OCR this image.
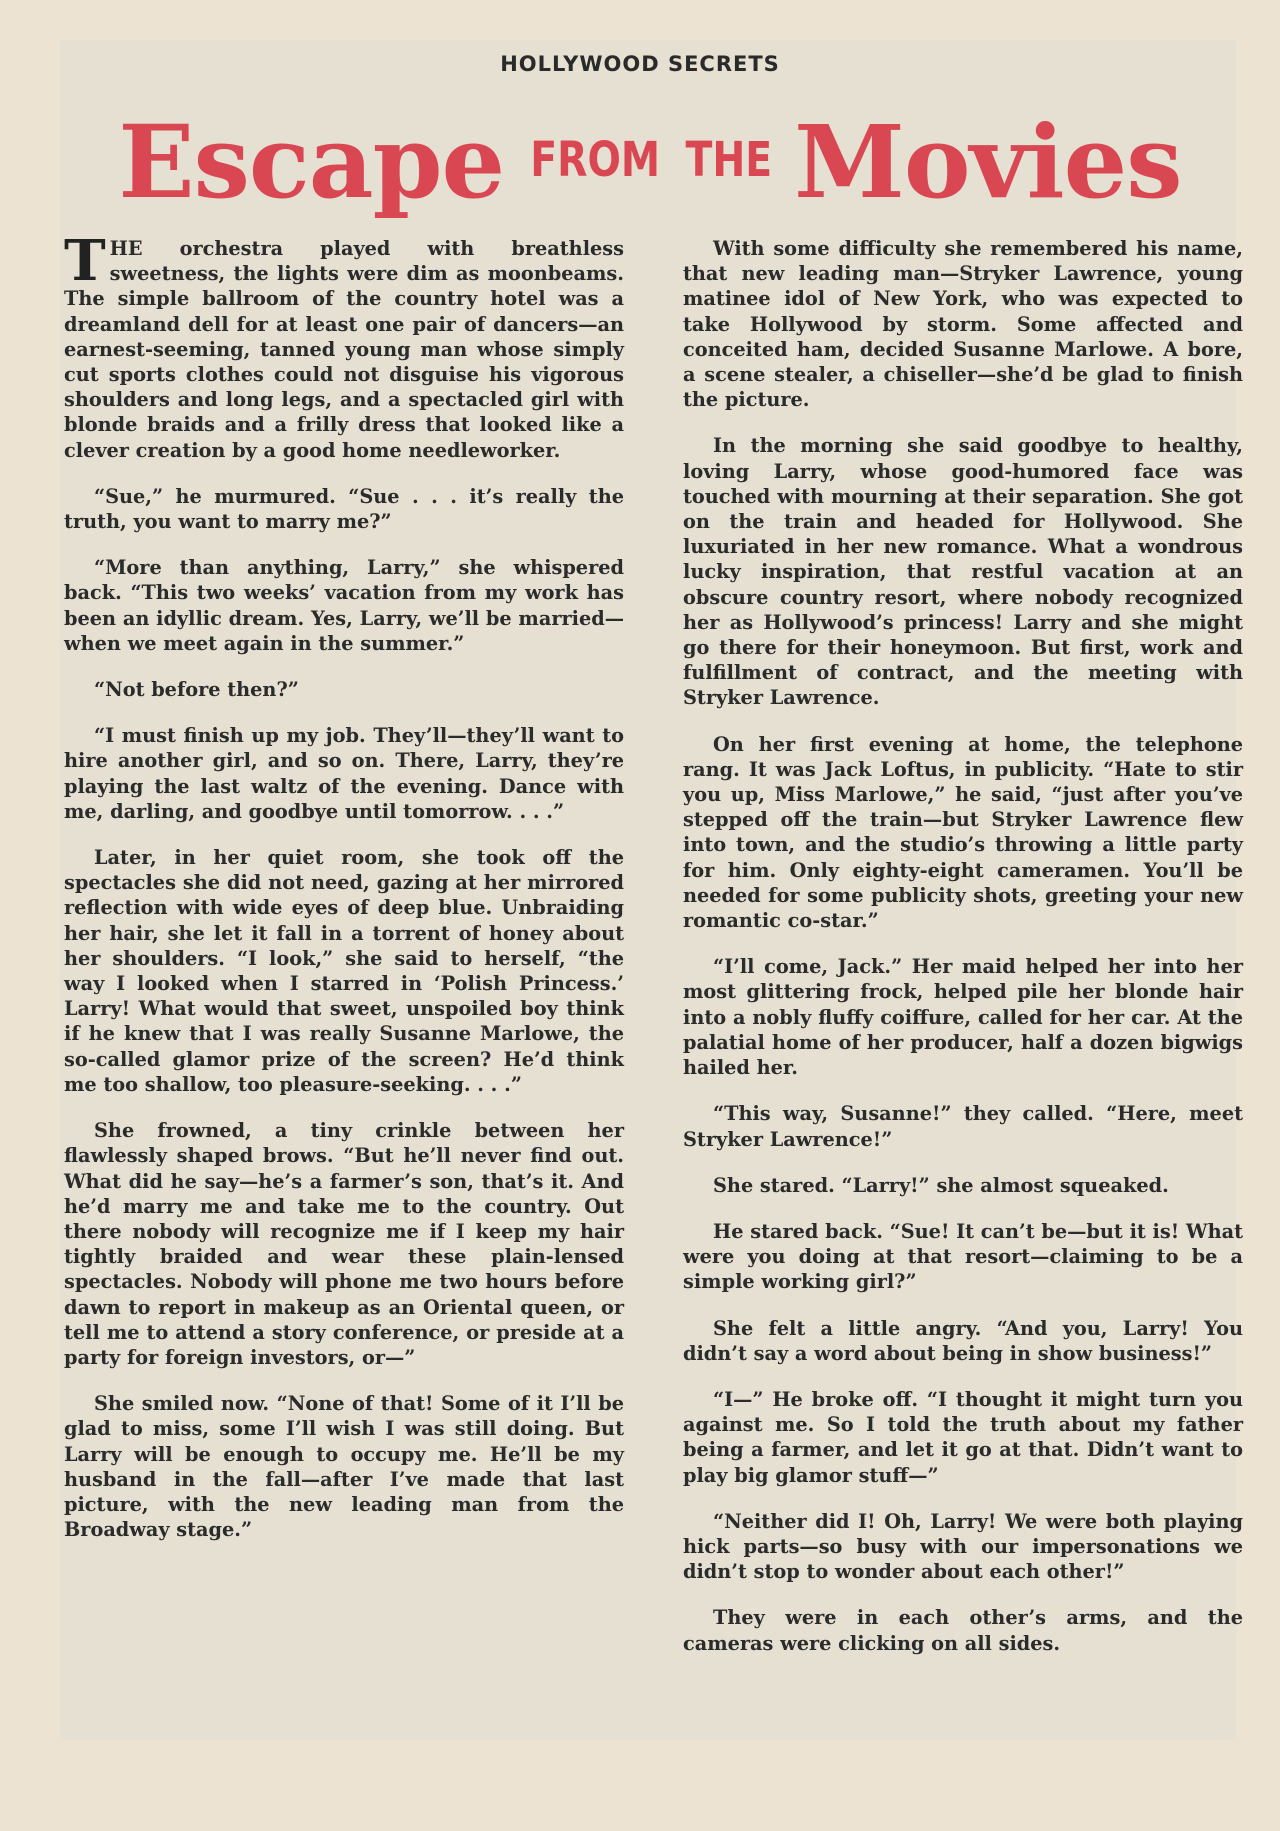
HOLLYWOOD SECRETS
Escape FROM THE Movies

THE orchestra played with breathless sweetness, the lights were dim as moonbeams. The simple ballroom of the country hotel was a dreamland dell for at least one pair of dancers—an earnest-seeming, tanned young man whose simply cut sports clothes could not disguise his vigorous shoulders and long legs, and a spectacled girl with blonde braids and a frilly dress that looked like a clever creation by a good home needleworker.

“Sue,” he murmured. “Sue . . . it’s really the truth, you want to marry me?”

“More than anything, Larry,” she whispered back. “This two weeks’ vacation from my work has been an idyllic dream. Yes, Larry, we’ll be married—when we meet again in the summer.”

“Not before then?”

“I must finish up my job. They’ll—they’ll want to hire another girl, and so on. There, Larry, they’re playing the last waltz of the evening. Dance with me, darling, and goodbye until tomorrow. . . .”

Later, in her quiet room, she took off the spectacles she did not need, gazing at her mirrored reflection with wide eyes of deep blue. Unbraiding her hair, she let it fall in a torrent of honey about her shoulders. “I look,” she said to herself, “the way I looked when I starred in ‘Polish Princess.’ Larry! What would that sweet, unspoiled boy think if he knew that I was really Susanne Marlowe, the so-called glamor prize of the screen? He’d think me too shallow, too pleasure-seeking. . . .”

She frowned, a tiny crinkle between her flawlessly shaped brows. “But he’ll never find out. What did he say—he’s a farmer’s son, that’s it. And he’d marry me and take me to the country. Out there nobody will recognize me if I keep my hair tightly braided and wear these plain-lensed spectacles. Nobody will phone me two hours before dawn to report in makeup as an Oriental queen, or tell me to attend a story conference, or preside at a party for foreign investors, or—”

She smiled now. “None of that! Some of it I’ll be glad to miss, some I’ll wish I was still doing. But Larry will be enough to occupy me. He’ll be my husband in the fall—after I’ve made that last picture, with the new leading man from the Broadway stage.”

With some difficulty she remembered his name, that new leading man—Stryker Lawrence, young matinee idol of New York, who was expected to take Hollywood by storm. Some affected and conceited ham, decided Susanne Marlowe. A bore, a scene stealer, a chiseller—she’d be glad to finish the picture.

In the morning she said goodbye to healthy, loving Larry, whose good-humored face was touched with mourning at their separation. She got on the train and headed for Hollywood. She luxuriated in her new romance. What a wondrous lucky inspiration, that restful vacation at an obscure country resort, where nobody recognized her as Hollywood’s princess! Larry and she might go there for their honeymoon. But first, work and fulfillment of contract, and the meeting with Stryker Lawrence.

On her first evening at home, the telephone rang. It was Jack Loftus, in publicity. “Hate to stir you up, Miss Marlowe,” he said, “just after you’ve stepped off the train—but Stryker Lawrence flew into town, and the studio’s throwing a little party for him. Only eighty-eight cameramen. You’ll be needed for some publicity shots, greeting your new romantic co-star.”

“I’ll come, Jack.” Her maid helped her into her most glittering frock, helped pile her blonde hair into a nobly fluffy coiffure, called for her car. At the palatial home of her producer, half a dozen bigwigs hailed her.

“This way, Susanne!” they called. “Here, meet Stryker Lawrence!”

She stared. “Larry!” she almost squeaked.

He stared back. “Sue! It can’t be—but it is! What were you doing at that resort—claiming to be a simple working girl?”

She felt a little angry. “And you, Larry! You didn’t say a word about being in show business!”

“I—” He broke off. “I thought it might turn you against me. So I told the truth about my father being a farmer, and let it go at that. Didn’t want to play big glamor stuff—”

“Neither did I! Oh, Larry! We were both playing hick parts—so busy with our impersonations we didn’t stop to wonder about each other!”

They were in each other’s arms, and the cameras were clicking on all sides.
